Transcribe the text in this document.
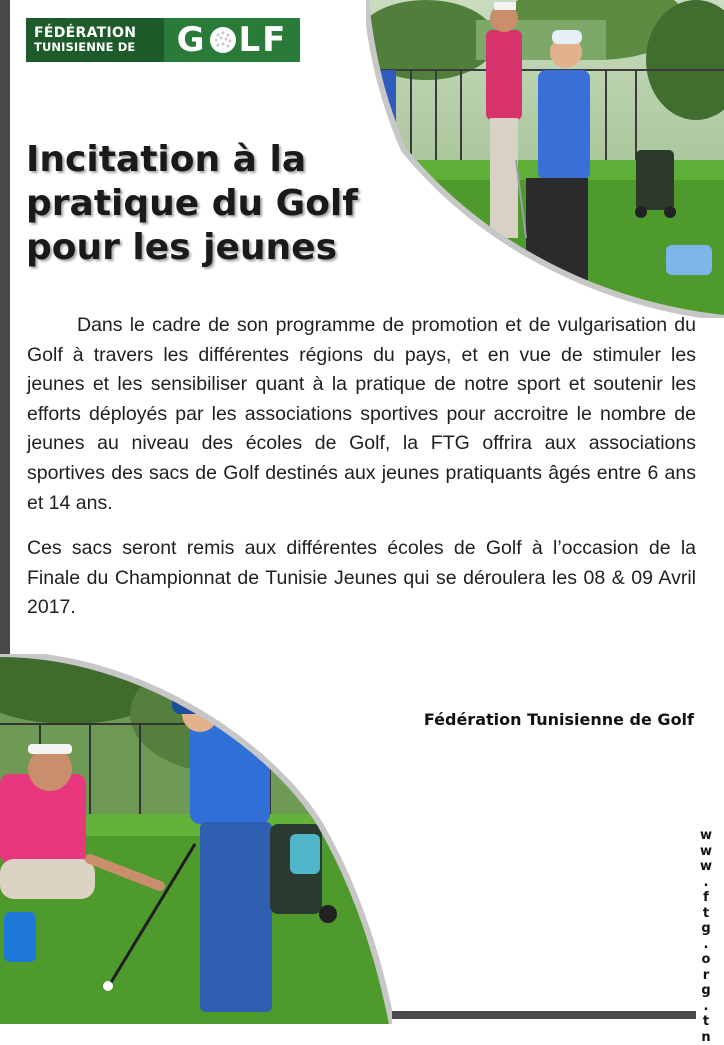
FÉDÉRATION
TUNISIENNE DE	G LF
Incitation à la
pratique du Golf
pour les jeunes

Dans le cadre de son programme de promotion et de vulgarisation du Golf à travers les différentes régions du pays, et en vue de stimuler les jeunes et les sensibiliser quant à la pratique de notre sport et soutenir les efforts déployés par les associations sportives pour accroitre le nombre de jeunes au niveau des écoles de Golf, la FTG offrira aux associations sportives des sacs de Golf destinés aux jeunes pratiquants âgés entre 6 ans et 14 ans.

Ces sacs seront remis aux différentes écoles de Golf à l’occasion de la Finale du Championnat de Tunisie Jeunes qui se déroulera les 08 & 09 Avril 2017.

Fédération Tunisienne de Golf
w
w
w
.
f
t
g
.
o
r
g
.
t
n
